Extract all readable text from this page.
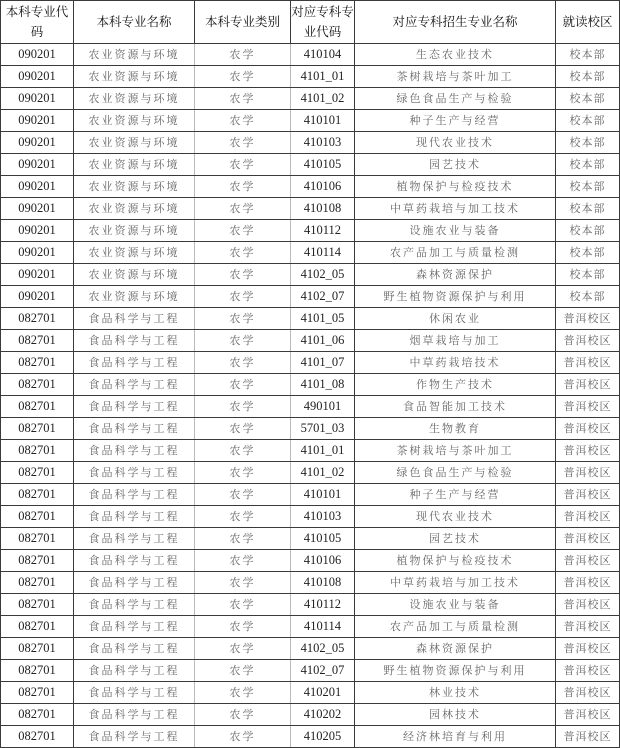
本科专业代码	本科专业名称	本科专业类别	对应专科专业代码	对应专科招生专业名称	就读校区
090201	农业资源与环境	农学	410104	生态农业技术	校本部
090201	农业资源与环境	农学	4101_01	茶树栽培与茶叶加工	校本部
090201	农业资源与环境	农学	4101_02	绿色食品生产与检验	校本部
090201	农业资源与环境	农学	410101	种子生产与经营	校本部
090201	农业资源与环境	农学	410103	现代农业技术	校本部
090201	农业资源与环境	农学	410105	园艺技术	校本部
090201	农业资源与环境	农学	410106	植物保护与检疫技术	校本部
090201	农业资源与环境	农学	410108	中草药栽培与加工技术	校本部
090201	农业资源与环境	农学	410112	设施农业与装备	校本部
090201	农业资源与环境	农学	410114	农产品加工与质量检测	校本部
090201	农业资源与环境	农学	4102_05	森林资源保护	校本部
090201	农业资源与环境	农学	4102_07	野生植物资源保护与利用	校本部
082701	食品科学与工程	农学	4101_05	休闲农业	普洱校区
082701	食品科学与工程	农学	4101_06	烟草栽培与加工	普洱校区
082701	食品科学与工程	农学	4101_07	中草药栽培技术	普洱校区
082701	食品科学与工程	农学	4101_08	作物生产技术	普洱校区
082701	食品科学与工程	农学	490101	食品智能加工技术	普洱校区
082701	食品科学与工程	农学	5701_03	生物教育	普洱校区
082701	食品科学与工程	农学	4101_01	茶树栽培与茶叶加工	普洱校区
082701	食品科学与工程	农学	4101_02	绿色食品生产与检验	普洱校区
082701	食品科学与工程	农学	410101	种子生产与经营	普洱校区
082701	食品科学与工程	农学	410103	现代农业技术	普洱校区
082701	食品科学与工程	农学	410105	园艺技术	普洱校区
082701	食品科学与工程	农学	410106	植物保护与检疫技术	普洱校区
082701	食品科学与工程	农学	410108	中草药栽培与加工技术	普洱校区
082701	食品科学与工程	农学	410112	设施农业与装备	普洱校区
082701	食品科学与工程	农学	410114	农产品加工与质量检测	普洱校区
082701	食品科学与工程	农学	4102_05	森林资源保护	普洱校区
082701	食品科学与工程	农学	4102_07	野生植物资源保护与利用	普洱校区
082701	食品科学与工程	农学	410201	林业技术	普洱校区
082701	食品科学与工程	农学	410202	园林技术	普洱校区
082701	食品科学与工程	农学	410205	经济林培育与利用	普洱校区
